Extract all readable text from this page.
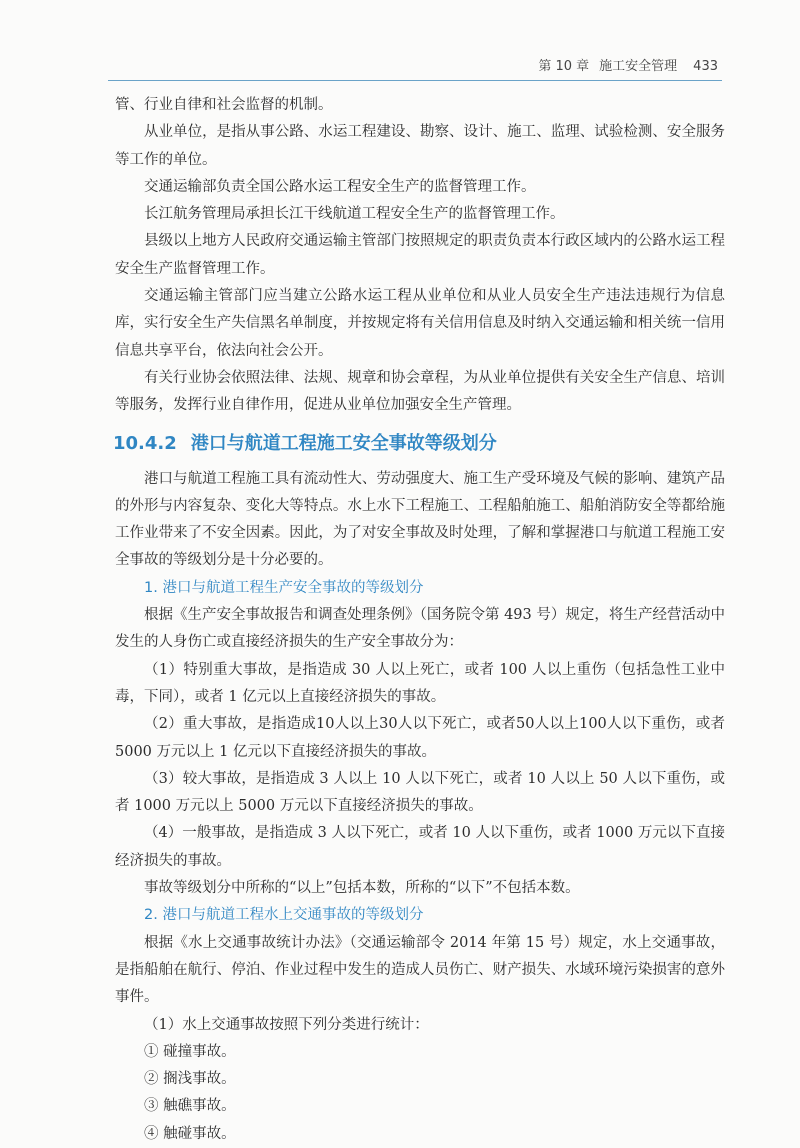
第 10 章 施工安全管理 433

管、行业自律和社会监督的机制。

从业单位，是指从事公路、水运工程建设、勘察、设计、施工、监理、试验检测、安全服务等工作的单位。

交通运输部负责全国公路水运工程安全生产的监督管理工作。

长江航务管理局承担长江干线航道工程安全生产的监督管理工作。

县级以上地方人民政府交通运输主管部门按照规定的职责负责本行政区域内的公路水运工程安全生产监督管理工作。

交通运输主管部门应当建立公路水运工程从业单位和从业人员安全生产违法违规行为信息库，实行安全生产失信黑名单制度，并按规定将有关信用信息及时纳入交通运输和相关统一信用信息共享平台，依法向社会公开。

有关行业协会依照法律、法规、规章和协会章程，为从业单位提供有关安全生产信息、培训等服务，发挥行业自律作用，促进从业单位加强安全生产管理。

10.4.2 港口与航道工程施工安全事故等级划分

港口与航道工程施工具有流动性大、劳动强度大、施工生产受环境及气候的影响、建筑产品的外形与内容复杂、变化大等特点。水上水下工程施工、工程船舶施工、船舶消防安全等都给施工作业带来了不安全因素。因此，为了对安全事故及时处理，了解和掌握港口与航道工程施工安全事故的等级划分是十分必要的。

1. 港口与航道工程生产安全事故的等级划分

根据《生产安全事故报告和调查处理条例》（国务院令第 493 号）规定，将生产经营活动中发生的人身伤亡或直接经济损失的生产安全事故分为：

（1）特别重大事故，是指造成 30 人以上死亡，或者 100 人以上重伤（包括急性工业中毒，下同），或者 1 亿元以上直接经济损失的事故。

（2）重大事故，是指造成10人以上30人以下死亡，或者50人以上100人以下重伤，或者 5000 万元以上 1 亿元以下直接经济损失的事故。

（3）较大事故，是指造成 3 人以上 10 人以下死亡，或者 10 人以上 50 人以下重伤，或者 1000 万元以上 5000 万元以下直接经济损失的事故。

（4）一般事故，是指造成 3 人以下死亡，或者 10 人以下重伤，或者 1000 万元以下直接经济损失的事故。

事故等级划分中所称的“以上”包括本数，所称的“以下”不包括本数。

2. 港口与航道工程水上交通事故的等级划分

根据《水上交通事故统计办法》（交通运输部令 2014 年第 15 号）规定，水上交通事故，是指船舶在航行、停泊、作业过程中发生的造成人员伤亡、财产损失、水域环境污染损害的意外事件。

（1）水上交通事故按照下列分类进行统计：

① 碰撞事故。

② 搁浅事故。

③ 触礁事故。

④ 触碰事故。
